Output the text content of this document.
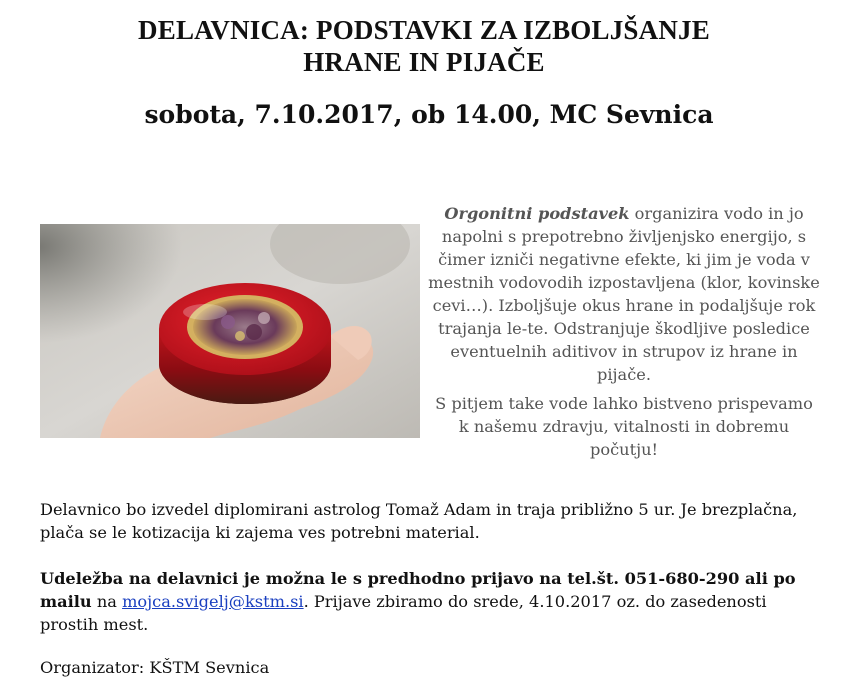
DELAVNICA: PODSTAVKI ZA IZBOLJŠANJE
HRANE IN PIJAČE
sobota, 7.10.2017, ob 14.00, MC Sevnica

Orgonitni podstavek organizira vodo in jo napolni s prepotrebno življenjsko energijo, s čimer izniči negativne efekte, ki jim je voda v mestnih vodovodih izpostavljena (klor, kovinske cevi…). Izboljšuje okus hrane in podaljšuje rok trajanja le-te. Odstranjuje škodljive posledice eventuelnih aditivov in strupov iz hrane in pijače.

S pitjem take vode lahko bistveno prispevamo k našemu zdravju, vitalnosti in dobremu počutju!

Delavnico bo izvedel diplomirani astrolog Tomaž Adam in traja približno 5 ur. Je brezplačna, plača se le kotizacija ki zajema ves potrebni material.

Udeležba na delavnici je možna le s predhodno prijavo na tel.št. 051-680-290 ali po mailu na mojca.svigelj@kstm.si. Prijave zbiramo do srede, 4.10.2017 oz. do zasedenosti prostih mest.

Organizator: KŠTM Sevnica
